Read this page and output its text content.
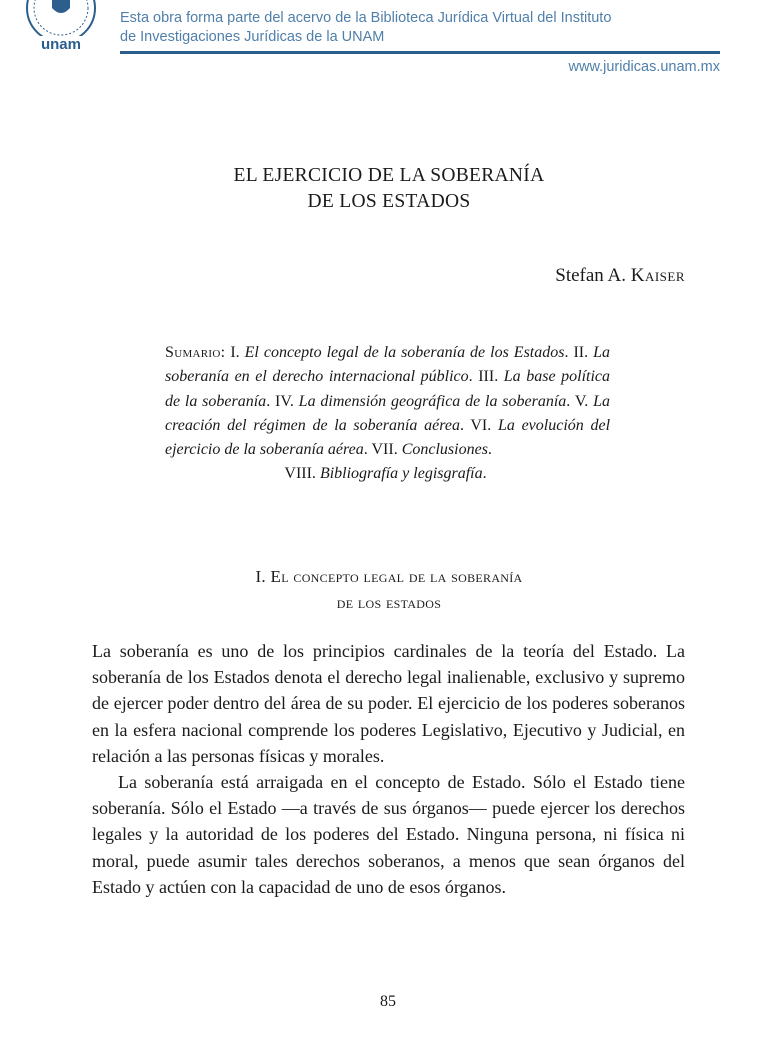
unam
Esta obra forma parte del acervo de la Biblioteca Jurídica Virtual del Instituto
de Investigaciones Jurídicas de la UNAM
www.juridicas.unam.mx
EL EJERCICIO DE LA SOBERANÍA
DE LOS ESTADOS
Stefan A. Kaiser
Sumario: I. El concepto legal de la soberanía de los Estados. II. La soberanía en el derecho internacional público. III. La base política de la soberanía. IV. La dimensión geográfica de la soberanía. V. La creación del régimen de la soberanía aérea. VI. La evolución del ejercicio de la soberanía aérea. VII. Conclusiones.
VIII. Bibliografía y legisgrafía.
I. El concepto legal de la soberanía
de los estados

La soberanía es uno de los principios cardinales de la teoría del Estado. La soberanía de los Estados denota el derecho legal inalienable, exclusivo y supremo de ejercer poder dentro del área de su poder. El ejercicio de los poderes soberanos en la esfera nacional comprende los poderes Legislativo, Ejecutivo y Judicial, en relación a las personas físicas y morales.

La soberanía está arraigada en el concepto de Estado. Sólo el Estado tiene soberanía. Sólo el Estado —a través de sus órganos— puede ejercer los derechos legales y la autoridad de los poderes del Estado. Ninguna persona, ni física ni moral, puede asumir tales derechos soberanos, a menos que sean órganos del Estado y actúen con la capacidad de uno de esos órganos.

85
